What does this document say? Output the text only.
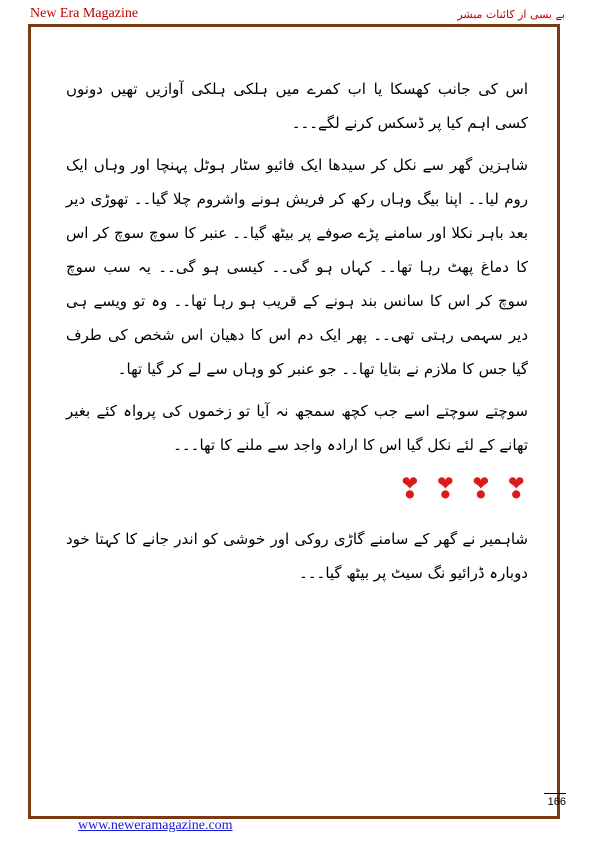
New Era Magazine	بے بسی از کائنات مبشر

اس کی جانب کھسکا یا اب کمرے میں ہلکی ہلکی آوازیں تھیں دونوں کسی اہم کیا پر ڈسکس کرنے لگے۔۔۔

شاہزین گھر سے نکل کر سیدھا ایک فائیو سٹار ہوٹل پہنچا اور وہاں ایک روم لیا۔۔ اپنا بیگ وہاں رکھ کر فریش ہونے واشروم چلا گیا۔۔ تھوڑی دیر بعد باہر نکلا اور سامنے پڑے صوفے پر بیٹھ گیا۔۔ عنبر کا سوچ سوچ کر اس کا دماغ پھٹ رہا تھا۔۔ کہاں ہو گی۔۔ کیسی ہو گی۔۔ یہ سب سوچ سوچ کر اس کا سانس بند ہونے کے قریب ہو رہا تھا۔۔ وہ تو ویسے ہی دیر سہمی رہتی تھی۔۔ پھر ایک دم اس کا دھیان اس شخص کی طرف گیا جس کا ملازم نے بتایا تھا۔۔ جو عنبر کو وہاں سے لے کر گیا تھا۔

سوچتے سوچتے اسے جب کچھ سمجھ نہ آیا تو زخموں کی پرواہ کئے بغیر تھانے کے لئے نکل گیا اس کا ارادہ واجد سے ملنے کا تھا۔۔۔

❣ ❣ ❣ ❣

شاہمیر نے گھر کے سامنے گاڑی روکی اور خوشی کو اندر جانے کا کہتا خود دوبارہ ڈرائیو نگ سیٹ پر بیٹھ گیا۔۔۔

166
www.neweramagazine.com
